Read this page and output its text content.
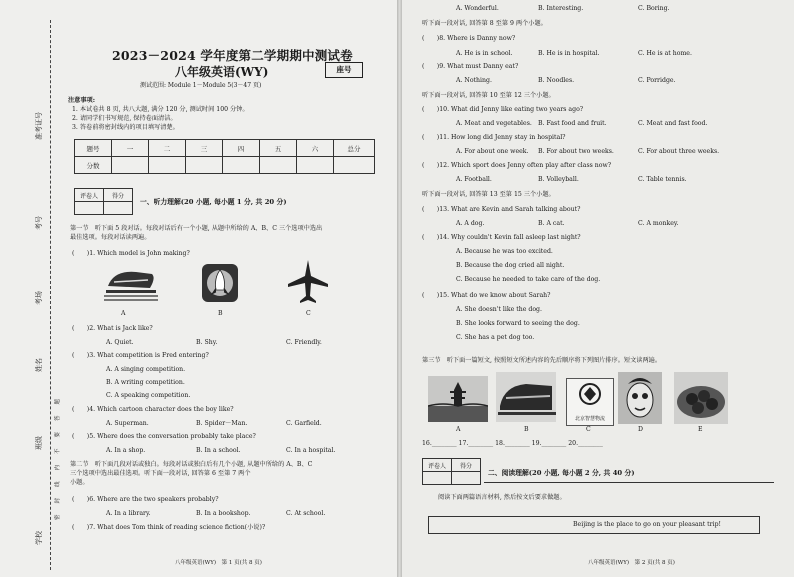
准考证号
考号
考场
姓名
班级
学校
密　　封　　线　　内　　不　　要　　答　　题
2023－2024 学年度第二学期期中测试卷
八年级英语(WY)	座号
测试范围: Module 1－Module 5(3－47 页)
注意事项:
1. 本试卷共 8 页, 共八大题, 满分 120 分, 测试时间 100 分钟。
2. 请同学们书写规范, 保持卷面清洁。
3. 答卷前将密封线内的项目填写清楚。
题号	一	二	三	四	五	六	总分
分数							
评卷人	得分

一、听力理解(20 小题, 每小题 1 分, 共 20 分)
第一节　听下面 5 段对话。每段对话后有一个小题, 从题中所给的 A、B、C 三个选项中选出
最佳选项。每段对话读两遍。
(　　)1. Which model is John making?
A	B	C
(　　)2. What is Jack like?
A. Quiet.	B. Shy.	C. Friendly.
(　　)3. What competition is Fred entering?
A. A singing competition.
B. A writing competition.
C. A speaking competition.
(　　)4. Which cartoon character does the boy like?
A. Superman.	B. Spider－Man.	C. Garfield.
(　　)5. Where does the conversation probably take place?
A. In a shop.	B. In a school.	C. In a hospital.
第二节　听下面几段对话或独白。每段对话或独白后有几个小题, 从题中所给的 A、B、C
三个选项中选出最佳选项。听下面一段对话, 回答第 6 至第 7 两个
小题。
(　　)6. Where are the two speakers probably?
A. In a library.	B. In a bookshop.	C. At school.
(　　)7. What does Tom think of reading science fiction(小说)?
八年级英语(WY)　第 1 页(共 8 页)
A. Wonderful.	B. Interesting.	C. Boring.
听下面一段对话, 回答第 8 至第 9 两个小题。
(　　)8. Where is Danny now?
A. He is in school.	B. He is in hospital.	C. He is at home.
(　　)9. What must Danny eat?
A. Nothing.	B. Noodles.	C. Porridge.
听下面一段对话, 回答第 10 至第 12 三个小题。
(　　)10. What did Jenny like eating two years ago?
A. Meat and vegetables. B. Fast food and fruit.	C. Meat and fast food.
(　　)11. How long did Jenny stay in hospital?
A. For about one week. B. For about two weeks.	C. For about three weeks.
(　　)12. Which sport does Jenny often play after class now?
A. Football.	B. Volleyball.	C. Table tennis.
听下面一段对话, 回答第 13 至第 15 三个小题。
(　　)13. What are Kevin and Sarah talking about?
A. A dog.	B. A cat.	C. A monkey.
(　　)14. Why couldn't Kevin fall asleep last night?
A. Because he was too excited.
B. Because the dog cried all night.
C. Because he needed to take care of the dog.
(　　)15. What do we know about Sarah?
A. She doesn't like the dog.
B. She looks forward to seeing the dog.
C. She has a pet dog too.
第三节　听下面一篇短文, 按照短文所述内容的先后顺序将下列图片排序。短文读两遍。
北京智慧物流
A	B	C	D	E
16.________ 17.________ 18.________ 19.________ 20.________
评卷人	得分

二、阅读理解(20 小题, 每小题 2 分, 共 40 分)
阅读下面两篇语言材料, 然后按文后要求做题。
Beijing is the place to go on your pleasant trip!
八年级英语(WY)　第 2 页(共 8 页)
